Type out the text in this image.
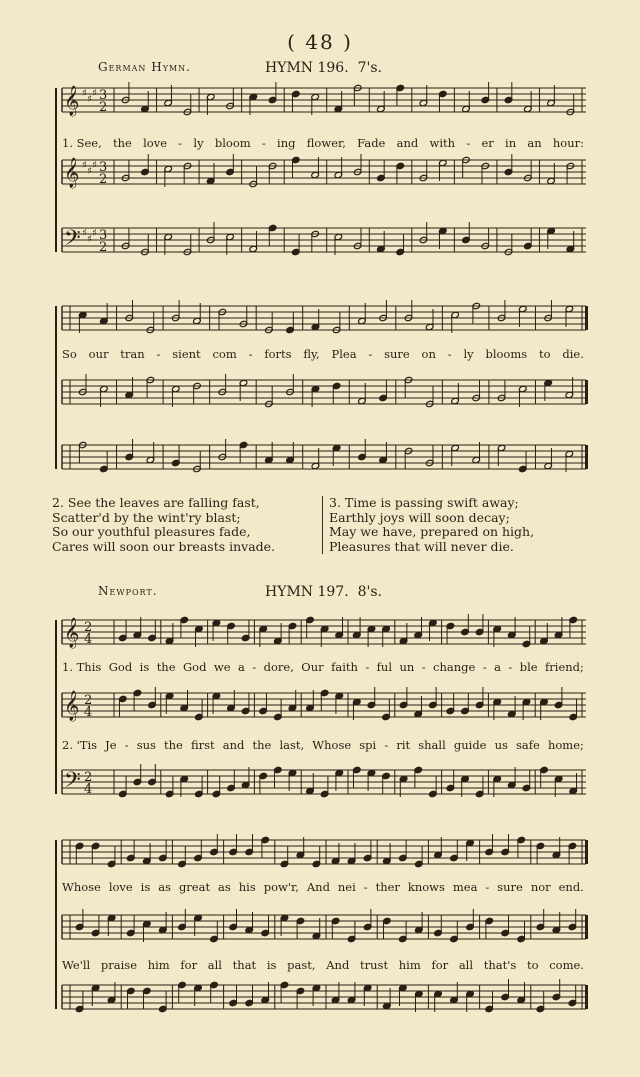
( 48 )
German Hymn.	HYMN 196. 7's.
Newport.	HYMN 197. 8's.
𝄞 ♯
♯
♯ 3
2
𝄞 ♯
♯
♯ 3
2
𝄢 ♯
♯
♯ 3
2
𝄞 2
4
𝄞 2
4
𝄢 2
4
1. See, the love - ly bloom - ing flower, Fade and with - er in an hour:
So our tran - sient com - forts fly, Plea - sure on - ly blooms to die.
1. This God is the God we a - dore, Our faith - ful un - change - a - ble friend;
2. 'Tis Je - sus the first and the last, Whose spi - rit shall guide us safe home;
Whose love is as great as his pow'r, And nei - ther knows mea - sure nor end.
We'll praise him for all that is past, And trust him for all that's to come.
2. See the leaves are falling fast,
Scatter'd by the wint'ry blast;
So our youthful pleasures fade,
Cares will soon our breasts invade.
3. Time is passing swift away;
Earthly joys will soon decay;
May we have, prepared on high,
Pleasures that will never die.
